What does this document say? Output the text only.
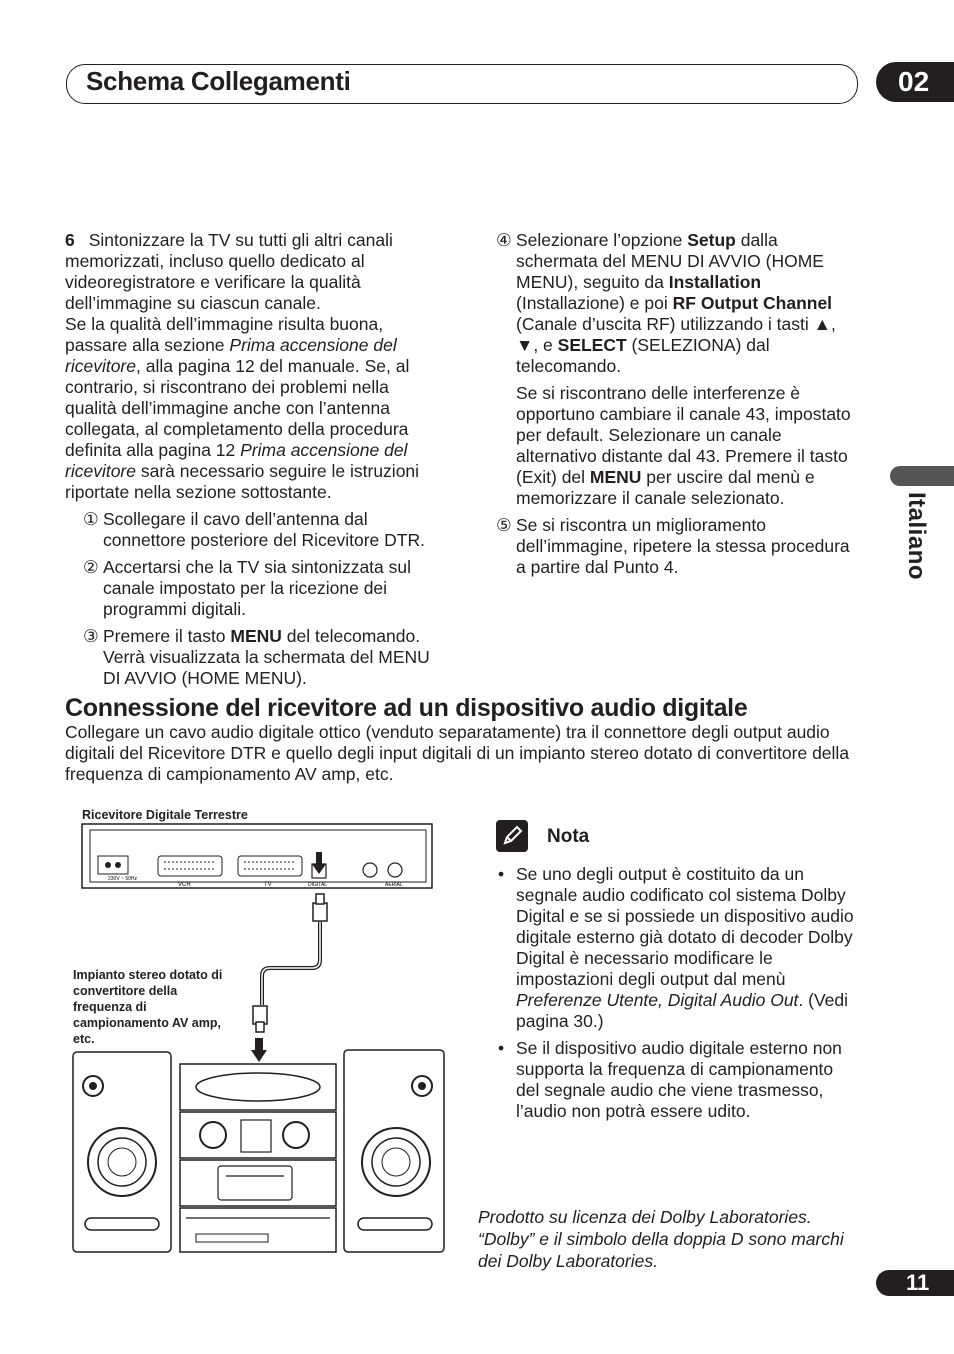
Schema Collegamenti	02
Italiano

6 Sintonizzare la TV su tutti gli altri canali memorizzati, incluso quello dedicato al videoregistratore e verificare la qualità dell’immagine su ciascun canale.

Se la qualità dell’immagine risulta buona, passare alla sezione Prima accensione del ricevitore, alla pagina 12 del manuale. Se, al contrario, si riscontrano dei problemi nella qualità dell’immagine anche con l’antenna collegata, al completamento della procedura definita alla pagina 12 Prima accensione del ricevitore sarà necessario seguire le istruzioni riportate nella sezione sottostante.

① Scollegare il cavo dell’antenna dal connettore posteriore del Ricevitore DTR.
② Accertarsi che la TV sia sintonizzata sul canale impostato per la ricezione dei programmi digitali.
③ Premere il tasto MENU del telecomando. Verrà visualizzata la schermata del MENU DI AVVIO (HOME MENU).
④ Selezionare l’opzione Setup dalla schermata del MENU DI AVVIO (HOME MENU), seguito da Installation (Installazione) e poi RF Output Channel (Canale d’uscita RF) utilizzando i tasti ▲, ▼, e SELECT (SELEZIONA) dal telecomando.

Se si riscontrano delle interferenze è opportuno cambiare il canale 43, impostato per default. Selezionare un canale alternativo distante dal 43. Premere il tasto (Exit) del MENU per uscire dal menù e memorizzare il canale selezionato.

⑤ Se si riscontra un miglioramento dell’immagine, ripetere la stessa procedura a partire dal Punto 4.
Connessione del ricevitore ad un dispositivo audio digitale

Collegare un cavo audio digitale ottico (venduto separatamente) tra il connettore degli output audio digitali del Ricevitore DTR e quello degli input digitali di un impianto stereo dotato di convertitore della frequenza di campionamento AV amp, etc.

Ricevitore Digitale Terrestre

Impianto stereo dotato di convertitore della frequenza di campionamento AV amp, etc.

230V ~ 50Hz
VCR	TV	DIGITAL	AERIAL
Nota
• Se uno degli output è costituito da un segnale audio codificato col sistema Dolby Digital e se si possiede un dispositivo audio digitale esterno già dotato di decoder Dolby Digital è necessario modificare le impostazioni degli output dal menù Preferenze Utente, Digital Audio Out. (Vedi pagina 30.)
• Se il dispositivo audio digitale esterno non supporta la frequenza di campionamento del segnale audio che viene trasmesso, l’audio non potrà essere udito.

Prodotto su licenza dei Dolby Laboratories. “Dolby” e il simbolo della doppia D sono marchi dei Dolby Laboratories.

11
